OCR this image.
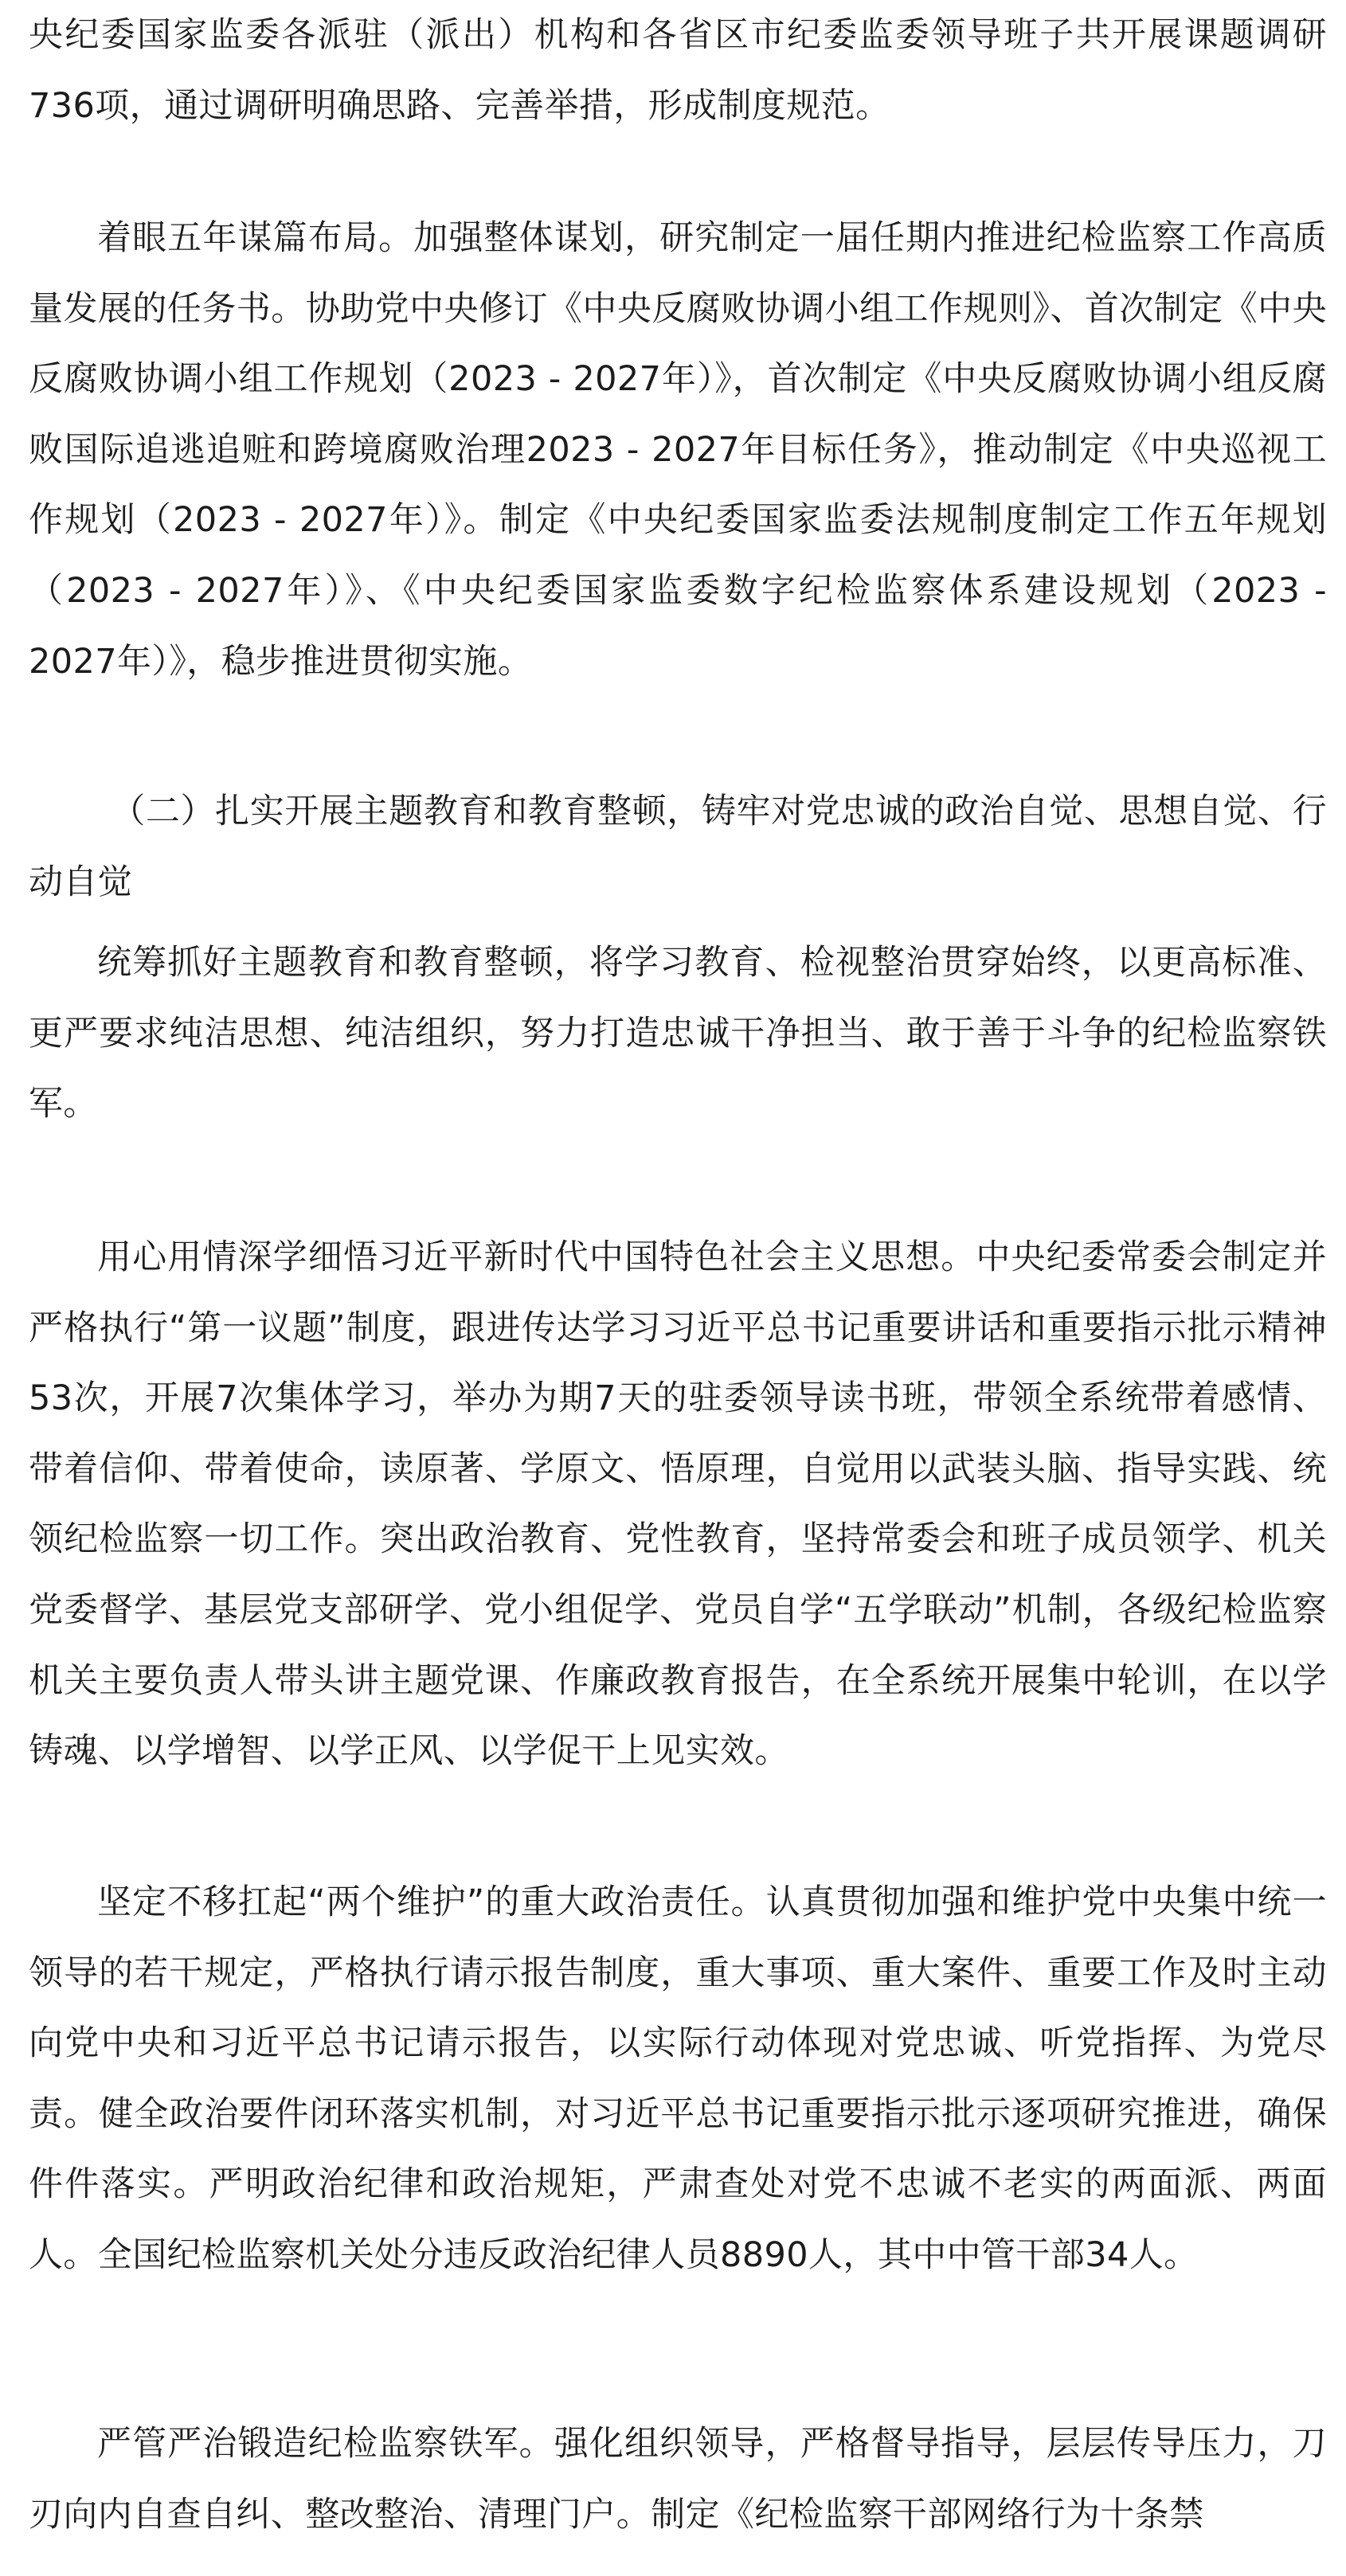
央纪委国家监委各派驻（派出）机构和各省区市纪委监委领导班子共开展课题调研736项，通过调研明确思路、完善举措，形成制度规范。

着眼五年谋篇布局。加强整体谋划，研究制定一届任期内推进纪检监察工作高质量发展的任务书。协助党中央修订《中央反腐败协调小组工作规则》、首次制定《中央反腐败协调小组工作规划（2023 - 2027年）》，首次制定《中央反腐败协调小组反腐败国际追逃追赃和跨境腐败治理2023 - 2027年目标任务》，推动制定《中央巡视工作规划（2023 - 2027年）》。制定《中央纪委国家监委法规制度制定工作五年规划（2023 - 2027年）》、《中央纪委国家监委数字纪检监察体系建设规划（2023 - 2027年）》，稳步推进贯彻实施。

（二）扎实开展主题教育和教育整顿，铸牢对党忠诚的政治自觉、思想自觉、行动自觉

统筹抓好主题教育和教育整顿，将学习教育、检视整治贯穿始终，以更高标准、更严要求纯洁思想、纯洁组织，努力打造忠诚干净担当、敢于善于斗争的纪检监察铁军。

用心用情深学细悟习近平新时代中国特色社会主义思想。中央纪委常委会制定并严格执行“第一议题”制度，跟进传达学习习近平总书记重要讲话和重要指示批示精神53次，开展7次集体学习，举办为期7天的驻委领导读书班，带领全系统带着感情、带着信仰、带着使命，读原著、学原文、悟原理，自觉用以武装头脑、指导实践、统领纪检监察一切工作。突出政治教育、党性教育，坚持常委会和班子成员领学、机关党委督学、基层党支部研学、党小组促学、党员自学“五学联动”机制，各级纪检监察机关主要负责人带头讲主题党课、作廉政教育报告，在全系统开展集中轮训，在以学铸魂、以学增智、以学正风、以学促干上见实效。

坚定不移扛起“两个维护”的重大政治责任。认真贯彻加强和维护党中央集中统一领导的若干规定，严格执行请示报告制度，重大事项、重大案件、重要工作及时主动向党中央和习近平总书记请示报告，以实际行动体现对党忠诚、听党指挥、为党尽责。健全政治要件闭环落实机制，对习近平总书记重要指示批示逐项研究推进，确保件件落实。严明政治纪律和政治规矩，严肃查处对党不忠诚不老实的两面派、两面人。全国纪检监察机关处分违反政治纪律人员8890人，其中中管干部34人。

严管严治锻造纪检监察铁军。强化组织领导，严格督导指导，层层传导压力，刀刃向内自查自纠、整改整治、清理门户。制定《纪检监察干部网络行为十条禁
